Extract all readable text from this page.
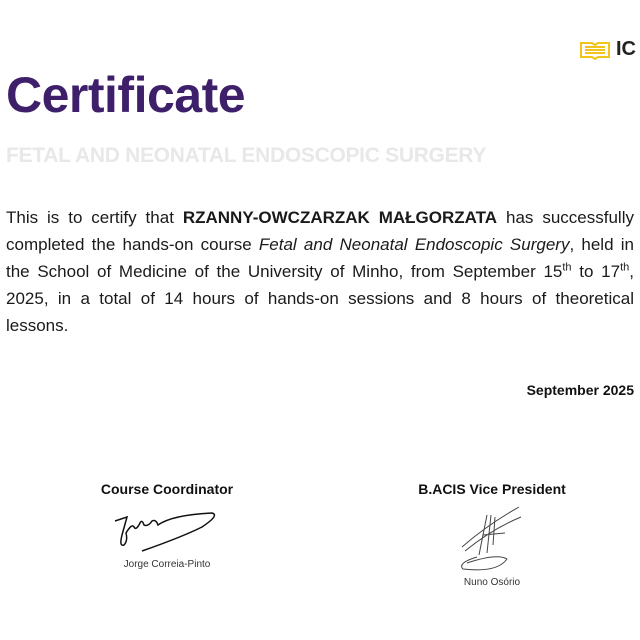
IC
Certificate
FETAL AND NEONATAL ENDOSCOPIC SURGERY

This is to certify that RZANNY-OWCZARZAK MAŁGORZATA has successfully completed the hands-on course Fetal and Neonatal Endoscopic Surgery, held in the School of Medicine of the University of Minho, from September 15th to 17th, 2025, in a total of 14 hours of hands-on sessions and 8 hours of theoretical lessons.

September 2025
Course Coordinator
Jorge Correia-Pinto
B.ACIS Vice President
Nuno Osório
